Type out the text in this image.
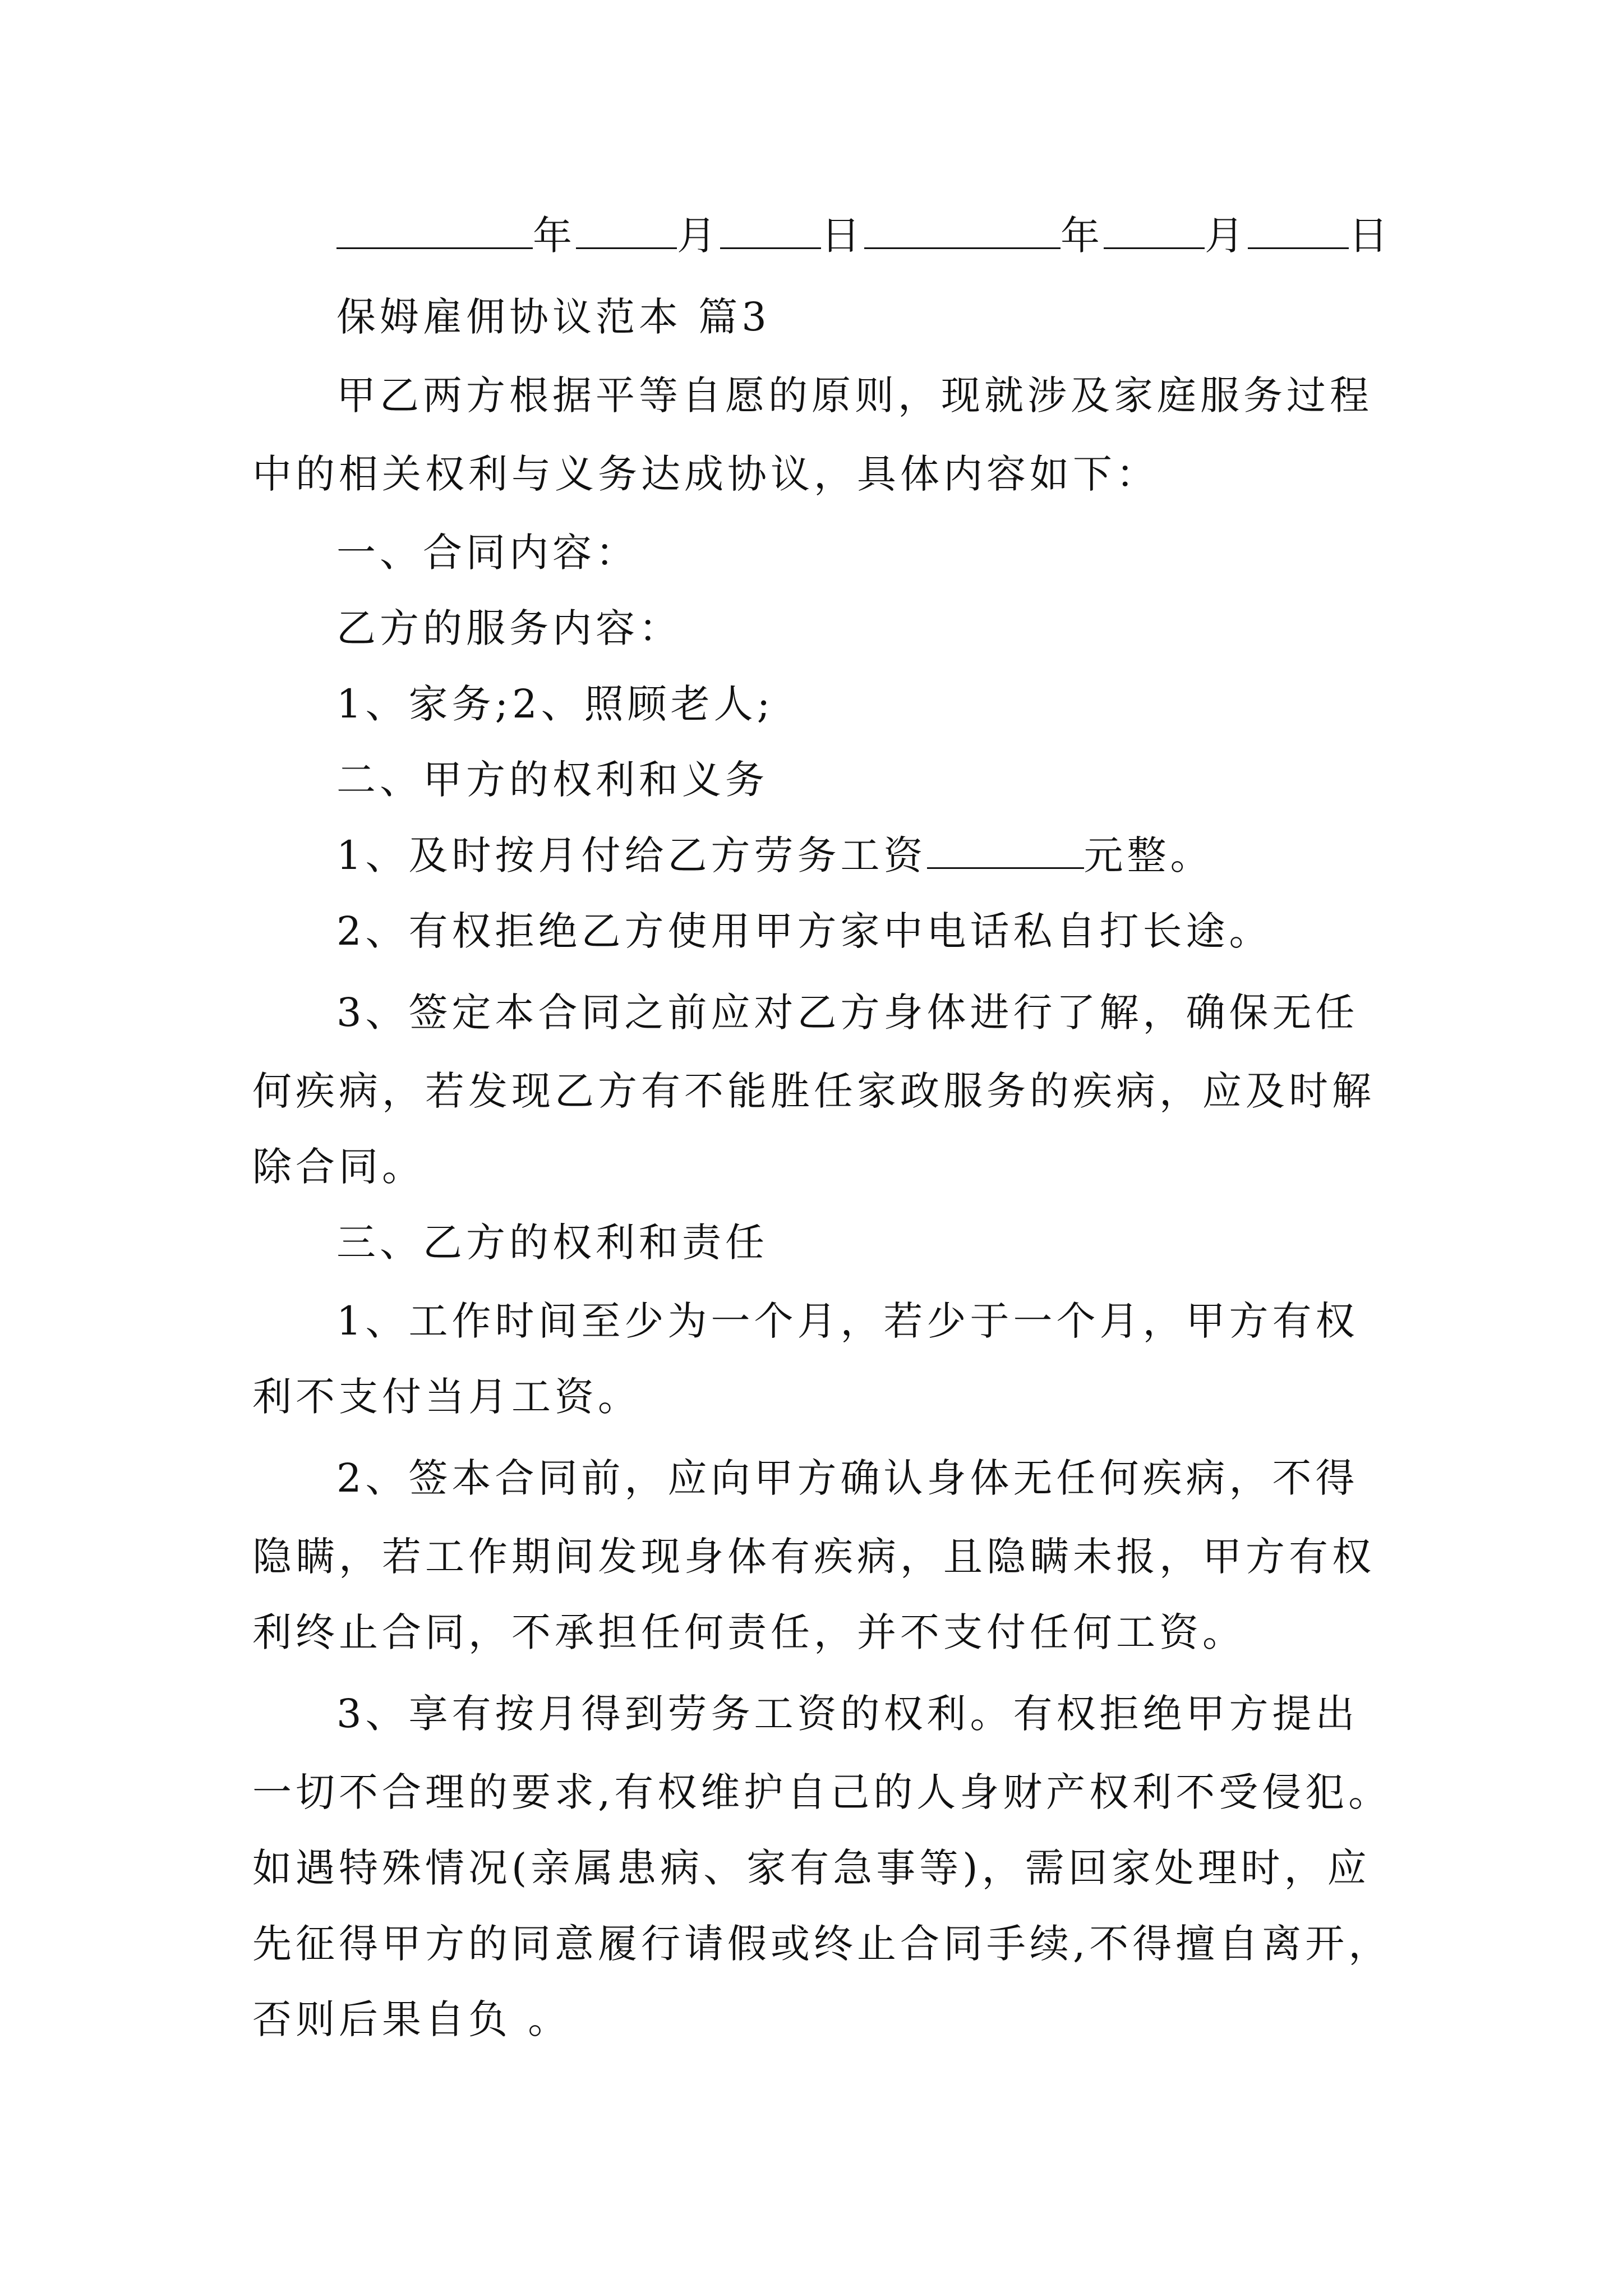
年	月	日	年	月	日
保姆雇佣协议范本 篇3
甲乙两方根据平等自愿的原则，现就涉及家庭服务过程
中的相关权利与义务达成协议，具体内容如下：
一、合同内容：
乙方的服务内容：
1、家务;2、照顾老人;
二、甲方的权利和义务
1、及时按月付给乙方劳务工资	元整。
2、有权拒绝乙方使用甲方家中电话私自打长途。
3、签定本合同之前应对乙方身体进行了解，确保无任
何疾病，若发现乙方有不能胜任家政服务的疾病，应及时解
除合同。
三、乙方的权利和责任
1、工作时间至少为一个月，若少于一个月，甲方有权
利不支付当月工资。
2、签本合同前，应向甲方确认身体无任何疾病，不得
隐瞒，若工作期间发现身体有疾病，且隐瞒未报，甲方有权
利终止合同，不承担任何责任，并不支付任何工资。
3、享有按月得到劳务工资的权利。有权拒绝甲方提出
一切不合理的要求,有权维护自己的人身财产权利不受侵犯。
如遇特殊情况(亲属患病、家有急事等)，需回家处理时，应
先征得甲方的同意履行请假或终止合同手续,不得擅自离开，
否则后果自负 。
